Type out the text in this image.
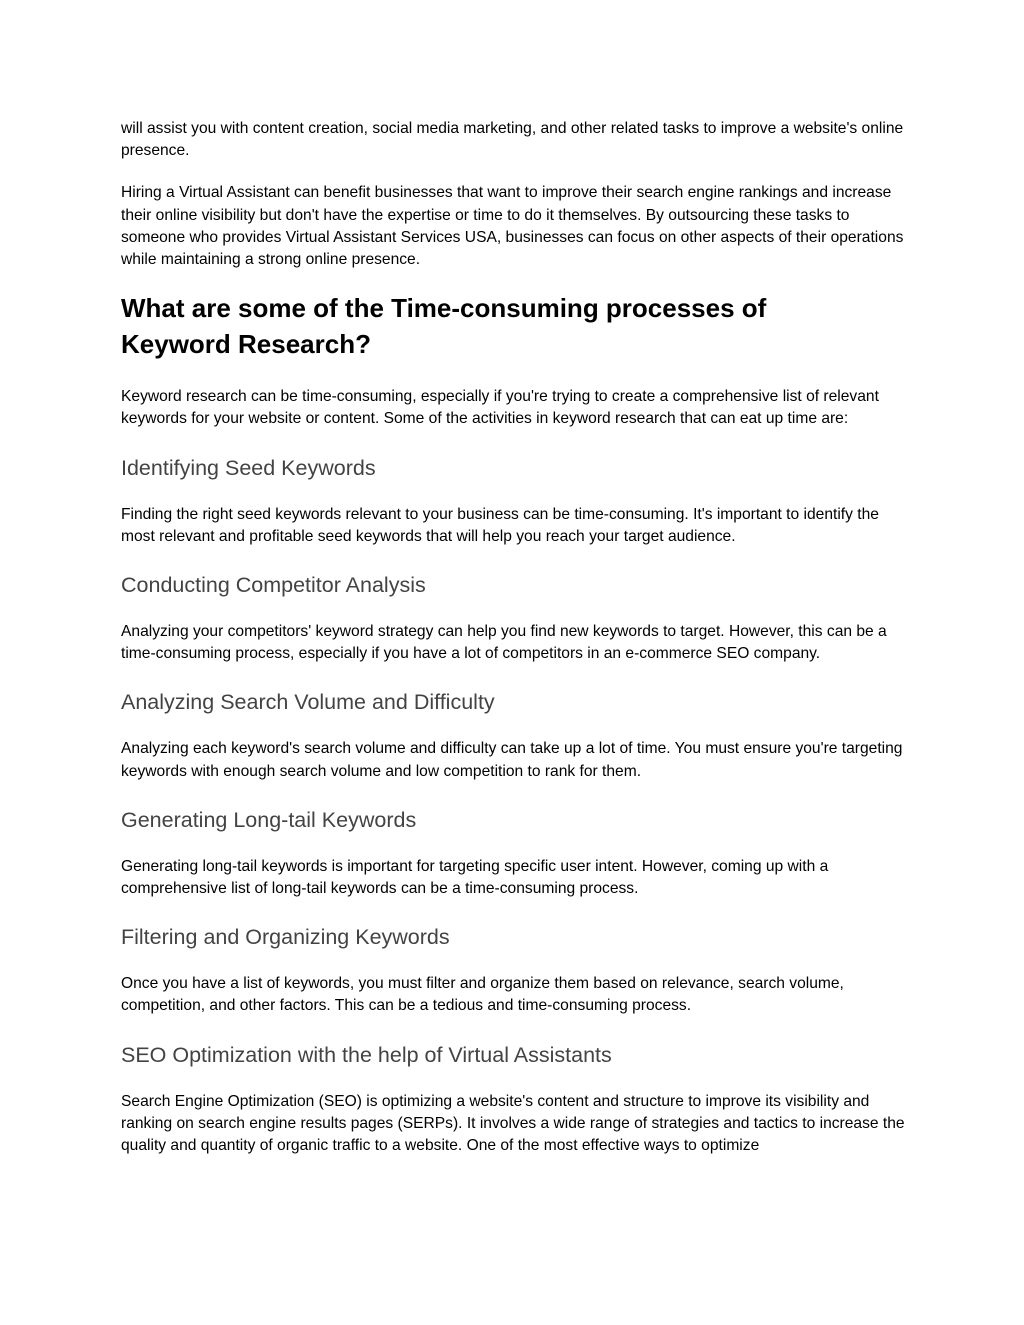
will assist you with content creation, social media marketing, and other related tasks to improve a website's online presence.

Hiring a Virtual Assistant can benefit businesses that want to improve their search engine rankings and increase their online visibility but don't have the expertise or time to do it themselves. By outsourcing these tasks to someone who provides Virtual Assistant Services USA, businesses can focus on other aspects of their operations while maintaining a strong online presence.

What are some of the Time-consuming processes of
Keyword Research?

Keyword research can be time-consuming, especially if you're trying to create a comprehensive list of relevant keywords for your website or content. Some of the activities in keyword research that can eat up time are:

Identifying Seed Keywords

Finding the right seed keywords relevant to your business can be time-consuming. It's important to identify the most relevant and profitable seed keywords that will help you reach your target audience.

Conducting Competitor Analysis

Analyzing your competitors' keyword strategy can help you find new keywords to target. However, this can be a time-consuming process, especially if you have a lot of competitors in an e-commerce SEO company.

Analyzing Search Volume and Difficulty

Analyzing each keyword's search volume and difficulty can take up a lot of time. You must ensure you're targeting keywords with enough search volume and low competition to rank for them.

Generating Long-tail Keywords

Generating long-tail keywords is important for targeting specific user intent. However, coming up with a comprehensive list of long-tail keywords can be a time-consuming process.

Filtering and Organizing Keywords

Once you have a list of keywords, you must filter and organize them based on relevance, search volume, competition, and other factors. This can be a tedious and time-consuming process.

SEO Optimization with the help of Virtual Assistants

Search Engine Optimization (SEO) is optimizing a website's content and structure to improve its visibility and ranking on search engine results pages (SERPs). It involves a wide range of strategies and tactics to increase the quality and quantity of organic traffic to a website. One of the most effective ways to optimize
